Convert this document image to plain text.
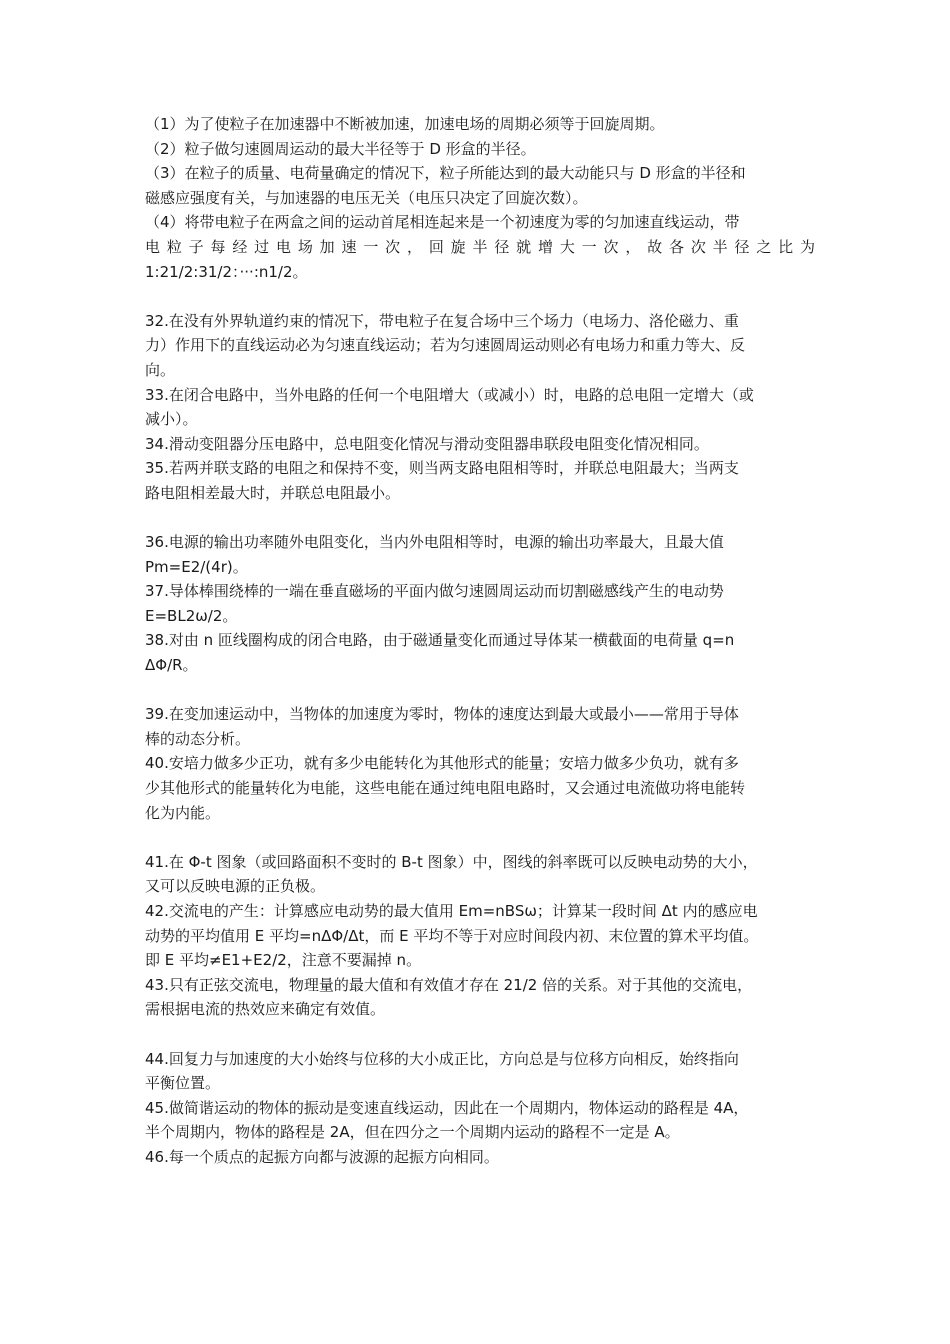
（1）为了使粒子在加速器中不断被加速，加速电场的周期必须等于回旋周期。
（2）粒子做匀速圆周运动的最大半径等于 D 形盒的半径。
（3）在粒子的质量、电荷量确定的情况下，粒子所能达到的最大动能只与 D 形盒的半径和
磁感应强度有关，与加速器的电压无关（电压只决定了回旋次数）。
（4）将带电粒子在两盒之间的运动首尾相连起来是一个初速度为零的匀加速直线运动，带
电粒子每经过电场加速一次，回旋半径就增大一次，故各次半径之比为
1:21/2:31/2：···:n1/2。
32.在没有外界轨道约束的情况下，带电粒子在复合场中三个场力（电场力、洛伦磁力、重
力）作用下的直线运动必为匀速直线运动；若为匀速圆周运动则必有电场力和重力等大、反
向。
33.在闭合电路中，当外电路的任何一个电阻增大（或减小）时，电路的总电阻一定增大（或
减小）。
34.滑动变阻器分压电路中，总电阻变化情况与滑动变阻器串联段电阻变化情况相同。
35.若两并联支路的电阻之和保持不变，则当两支路电阻相等时，并联总电阻最大；当两支
路电阻相差最大时，并联总电阻最小。
36.电源的输出功率随外电阻变化，当内外电阻相等时，电源的输出功率最大，且最大值
Pm=E2/(4r)。
37.导体棒围绕棒的一端在垂直磁场的平面内做匀速圆周运动而切割磁感线产生的电动势
E=BL2ω/2。
38.对由 n 匝线圈构成的闭合电路，由于磁通量变化而通过导体某一横截面的电荷量 q=n
ΔΦ/R。
39.在变加速运动中，当物体的加速度为零时，物体的速度达到最大或最小——常用于导体
棒的动态分析。
40.安培力做多少正功，就有多少电能转化为其他形式的能量；安培力做多少负功，就有多
少其他形式的能量转化为电能，这些电能在通过纯电阻电路时，又会通过电流做功将电能转
化为内能。
41.在 Φ-t 图象（或回路面积不变时的 B-t 图象）中，图线的斜率既可以反映电动势的大小，
又可以反映电源的正负极。
42.交流电的产生：计算感应电动势的最大值用 Em=nBSω；计算某一段时间 Δt 内的感应电
动势的平均值用 E 平均=nΔΦ/Δt，而 E 平均不等于对应时间段内初、末位置的算术平均值。
即 E 平均≠E1+E2/2，注意不要漏掉 n。
43.只有正弦交流电，物理量的最大值和有效值才存在 21/2 倍的关系。对于其他的交流电，
需根据电流的热效应来确定有效值。
44.回复力与加速度的大小始终与位移的大小成正比，方向总是与位移方向相反，始终指向
平衡位置。
45.做简谐运动的物体的振动是变速直线运动，因此在一个周期内，物体运动的路程是 4A，
半个周期内，物体的路程是 2A，但在四分之一个周期内运动的路程不一定是 A。
46.每一个质点的起振方向都与波源的起振方向相同。
